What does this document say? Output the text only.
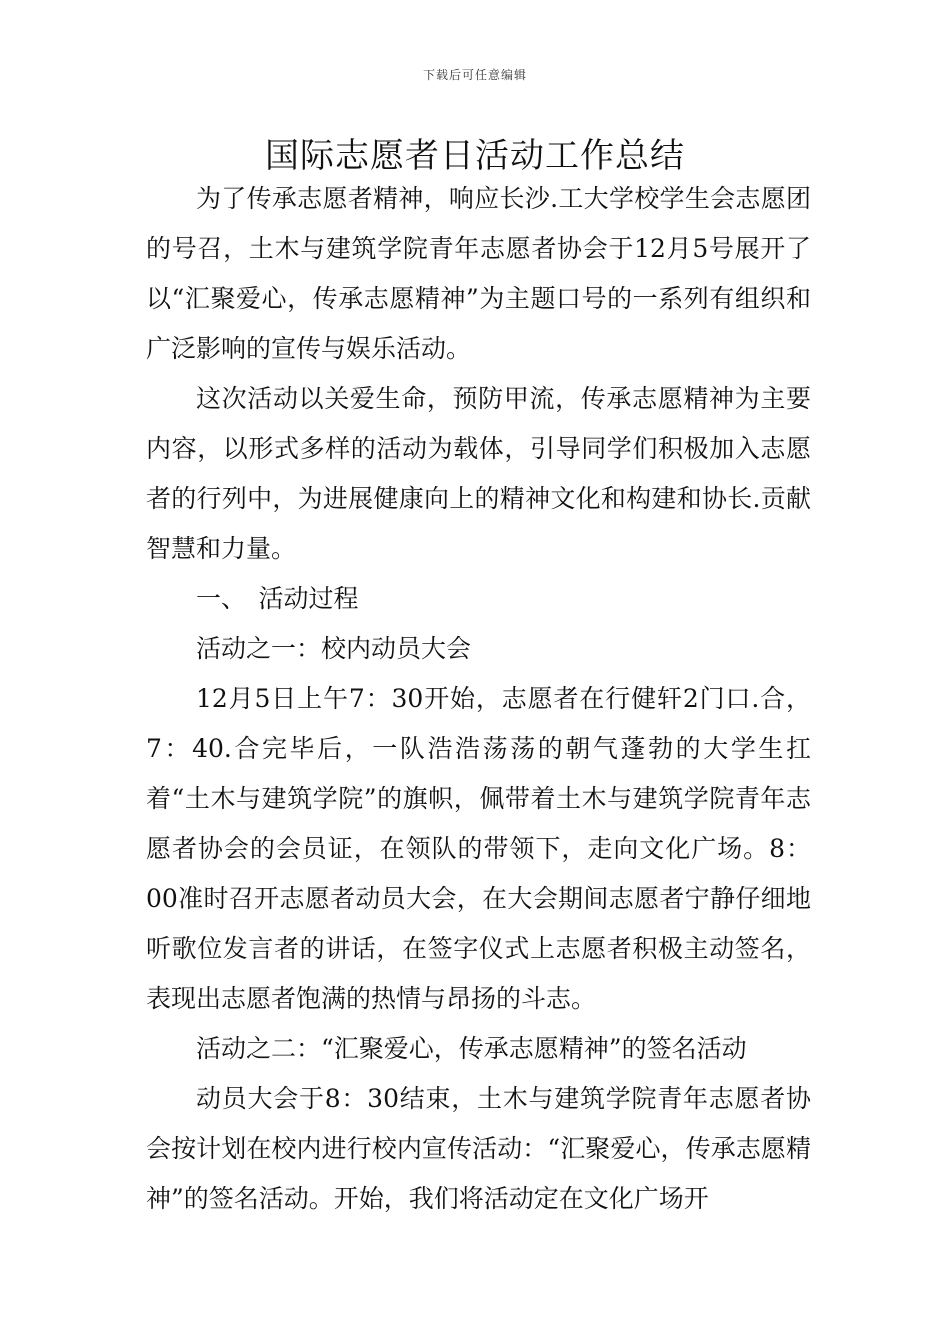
下载后可任意编辑
国际志愿者日活动工作总结

为了传承志愿者精神，响应长沙.工大学校学生会志愿团的号召，土木与建筑学院青年志愿者协会于12月5号展开了以“汇聚爱心，传承志愿精神”为主题口号的一系列有组织和广泛影响的宣传与娱乐活动。

这次活动以关爱生命，预防甲流，传承志愿精神为主要内容，以形式多样的活动为载体，引导同学们积极加入志愿者的行列中，为进展健康向上的精神文化和构建和协长.贡献智慧和力量。

一、　活动过程

活动之一：校内动员大会

12月5日上午7：30开始，志愿者在行健轩2门口.合，7：40.合完毕后，一队浩浩荡荡的朝气蓬勃的大学生扛着“土木与建筑学院”的旗帜，佩带着土木与建筑学院青年志愿者协会的会员证，在领队的带领下，走向文化广场。8：00准时召开志愿者动员大会，在大会期间志愿者宁静仔细地听歌位发言者的讲话，在签字仪式上志愿者积极主动签名，表现出志愿者饱满的热情与昂扬的斗志。

活动之二：“汇聚爱心，传承志愿精神”的签名活动

动员大会于8：30结束，土木与建筑学院青年志愿者协会按计划在校内进行校内宣传活动：“汇聚爱心，传承志愿精神”的签名活动。开始，我们将活动定在文化广场开
